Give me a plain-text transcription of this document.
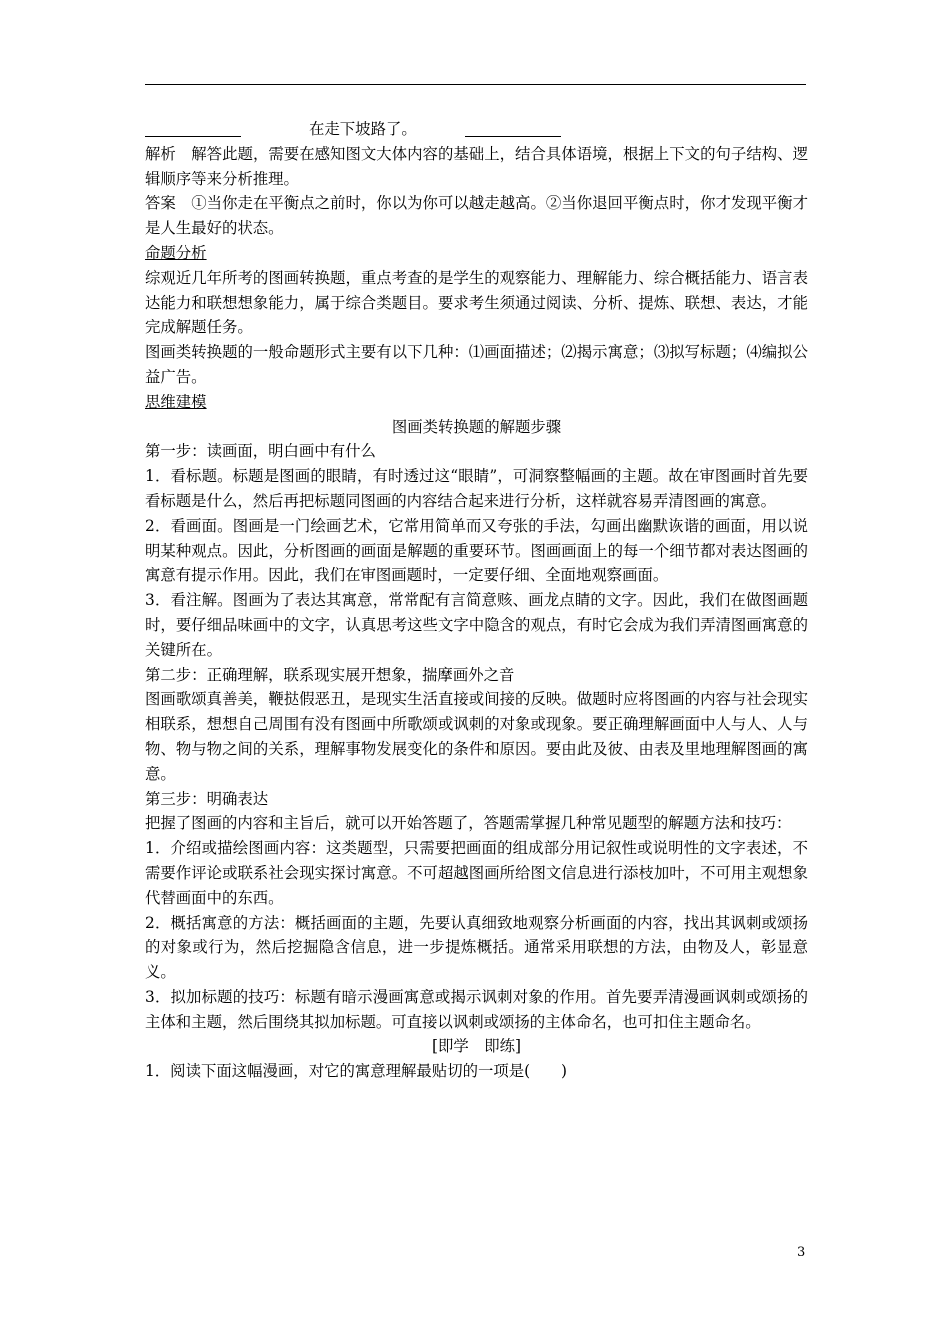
在走下坡路了。

解析　 解答此题，需要在感知图文大体内容的基础上，结合具体语境，根据上下文的句子结构、逻辑顺序等来分析推理。

答案　 ①当你走在平衡点之前时，你以为你可以越走越高。②当你退回平衡点时，你才发现平衡才是人生最好的状态。

命题分析

综观近几年所考的图画转换题，重点考查的是学生的观察能力、理解能力、综合概括能力、语言表达能力和联想想象能力，属于综合类题目。要求考生须通过阅读、分析、提炼、联想、表达，才能完成解题任务。

图画类转换题的一般命题形式主要有以下几种：⑴画面描述；⑵揭示寓意；⑶拟写标题；⑷编拟公益广告。

思维建模

图画类转换题的解题步骤

第一步：读画面，明白画中有什么

1．看标题。标题是图画的眼睛，有时透过这“眼睛”，可洞察整幅画的主题。故在审图画时首先要看标题是什么，然后再把标题同图画的内容结合起来进行分析，这样就容易弄清图画的寓意。

2．看画面。图画是一门绘画艺术，它常用简单而又夸张的手法，勾画出幽默诙谐的画面，用以说明某种观点。因此，分析图画的画面是解题的重要环节。图画画面上的每一个细节都对表达图画的寓意有提示作用。因此，我们在审图画题时，一定要仔细、全面地观察画面。

3．看注解。图画为了表达其寓意，常常配有言简意赅、画龙点睛的文字。因此，我们在做图画题时，要仔细品味画中的文字，认真思考这些文字中隐含的观点，有时它会成为我们弄清图画寓意的关键所在。

第二步：正确理解，联系现实展开想象，揣摩画外之音

图画歌颂真善美，鞭挞假恶丑，是现实生活直接或间接的反映。做题时应将图画的内容与社会现实相联系，想想自己周围有没有图画中所歌颂或讽刺的对象或现象。要正确理解画面中人与人、人与物、物与物之间的关系，理解事物发展变化的条件和原因。要由此及彼、由表及里地理解图画的寓意。

第三步：明确表达

把握了图画的内容和主旨后，就可以开始答题了，答题需掌握几种常见题型的解题方法和技巧：

1．介绍或描绘图画内容：这类题型，只需要把画面的组成部分用记叙性或说明性的文字表述，不需要作评论或联系社会现实探讨寓意。不可超越图画所给图文信息进行添枝加叶，不可用主观想象代替画面中的东西。

2．概括寓意的方法：概括画面的主题，先要认真细致地观察分析画面的内容，找出其讽刺或颂扬的对象或行为，然后挖掘隐含信息，进一步提炼概括。通常采用联想的方法，由物及人，彰显意义。

3．拟加标题的技巧：标题有暗示漫画寓意或揭示讽刺对象的作用。首先要弄清漫画讽刺或颂扬的主体和主题，然后围绕其拟加标题。可直接以讽刺或颂扬的主体命名，也可扣住主题命名。

[即学　即练]

1．阅读下面这幅漫画，对它的寓意理解最贴切的一项是(　　)

3
